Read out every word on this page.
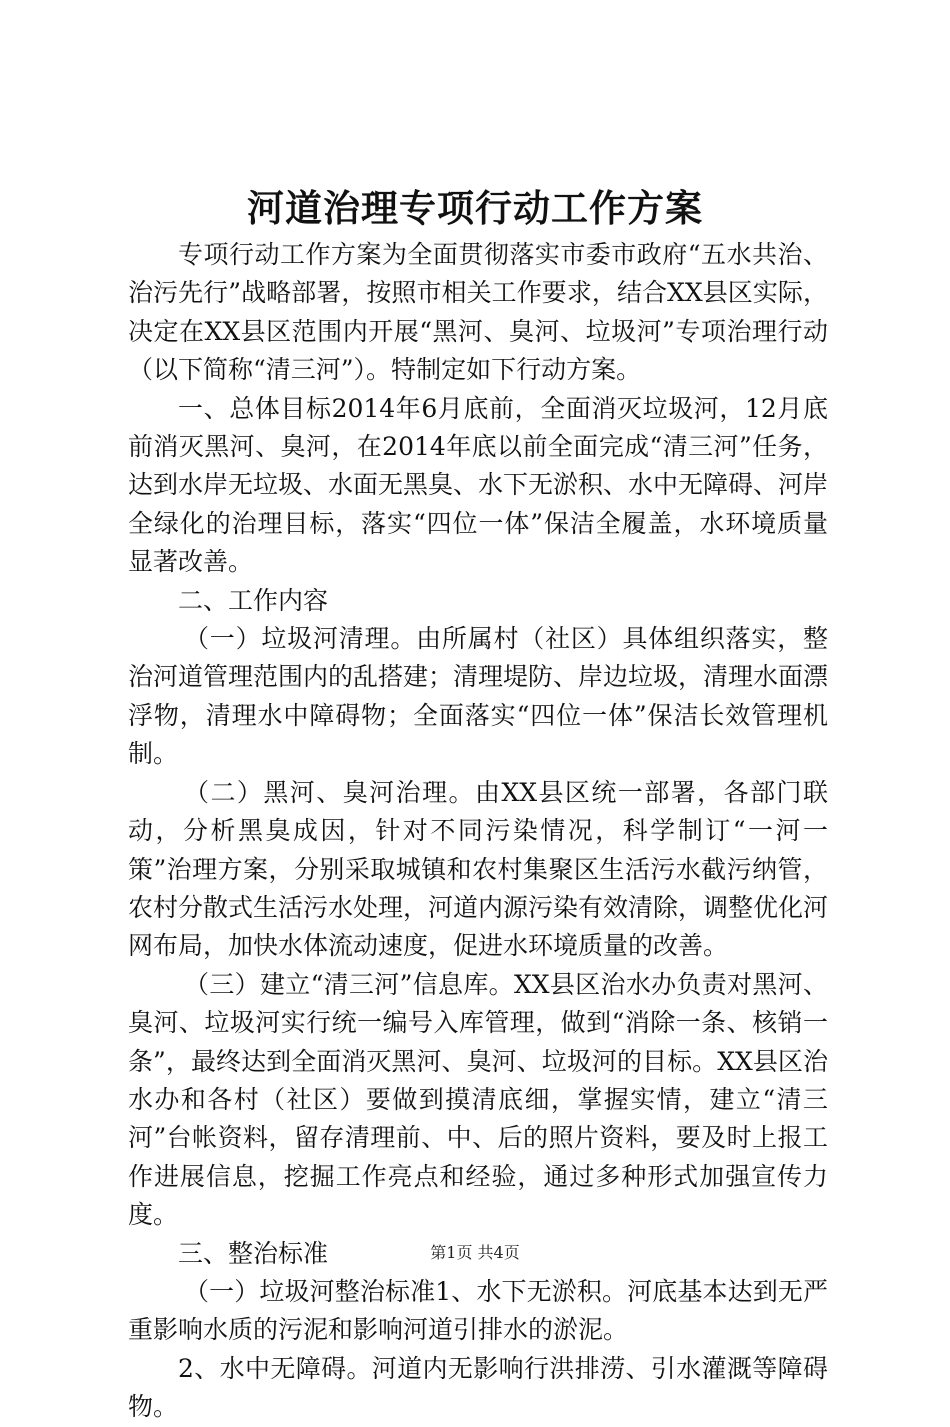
河道治理专项行动工作方案

专项行动工作方案为全面贯彻落实市委市政府“五水共治、治污先行”战略部署，按照市相关工作要求，结合XX县区实际，决定在XX县区范围内开展“黑河、臭河、垃圾河”专项治理行动（以下简称“清三河”）。特制定如下行动方案。

一、总体目标2014年6月底前，全面消灭垃圾河，12月底前消灭黑河、臭河，在2014年底以前全面完成“清三河”任务，达到水岸无垃圾、水面无黑臭、水下无淤积、水中无障碍、河岸全绿化的治理目标，落实“四位一体”保洁全履盖，水环境质量显著改善。

二、工作内容

（一）垃圾河清理。由所属村（社区）具体组织落实，整治河道管理范围内的乱搭建；清理堤防、岸边垃圾，清理水面漂浮物，清理水中障碍物；全面落实“四位一体”保洁长效管理机制。

（二）黑河、臭河治理。由XX县区统一部署，各部门联动，分析黑臭成因，针对不同污染情况，科学制订“一河一策”治理方案，分别采取城镇和农村集聚区生活污水截污纳管，农村分散式生活污水处理，河道内源污染有效清除，调整优化河网布局，加快水体流动速度，促进水环境质量的改善。

（三）建立“清三河”信息库。XX县区治水办负责对黑河、臭河、垃圾河实行统一编号入库管理，做到“消除一条、核销一条”，最终达到全面消灭黑河、臭河、垃圾河的目标。XX县区治水办和各村（社区）要做到摸清底细，掌握实情，建立“清三河”台帐资料，留存清理前、中、后的照片资料，要及时上报工作进展信息，挖掘工作亮点和经验，通过多种形式加强宣传力度。

三、整治标准

（一）垃圾河整治标准1、水下无淤积。河底基本达到无严重影响水质的污泥和影响河道引排水的淤泥。

2、水中无障碍。河道内无影响行洪排涝、引水灌溉等障碍物。

第1页 共4页
